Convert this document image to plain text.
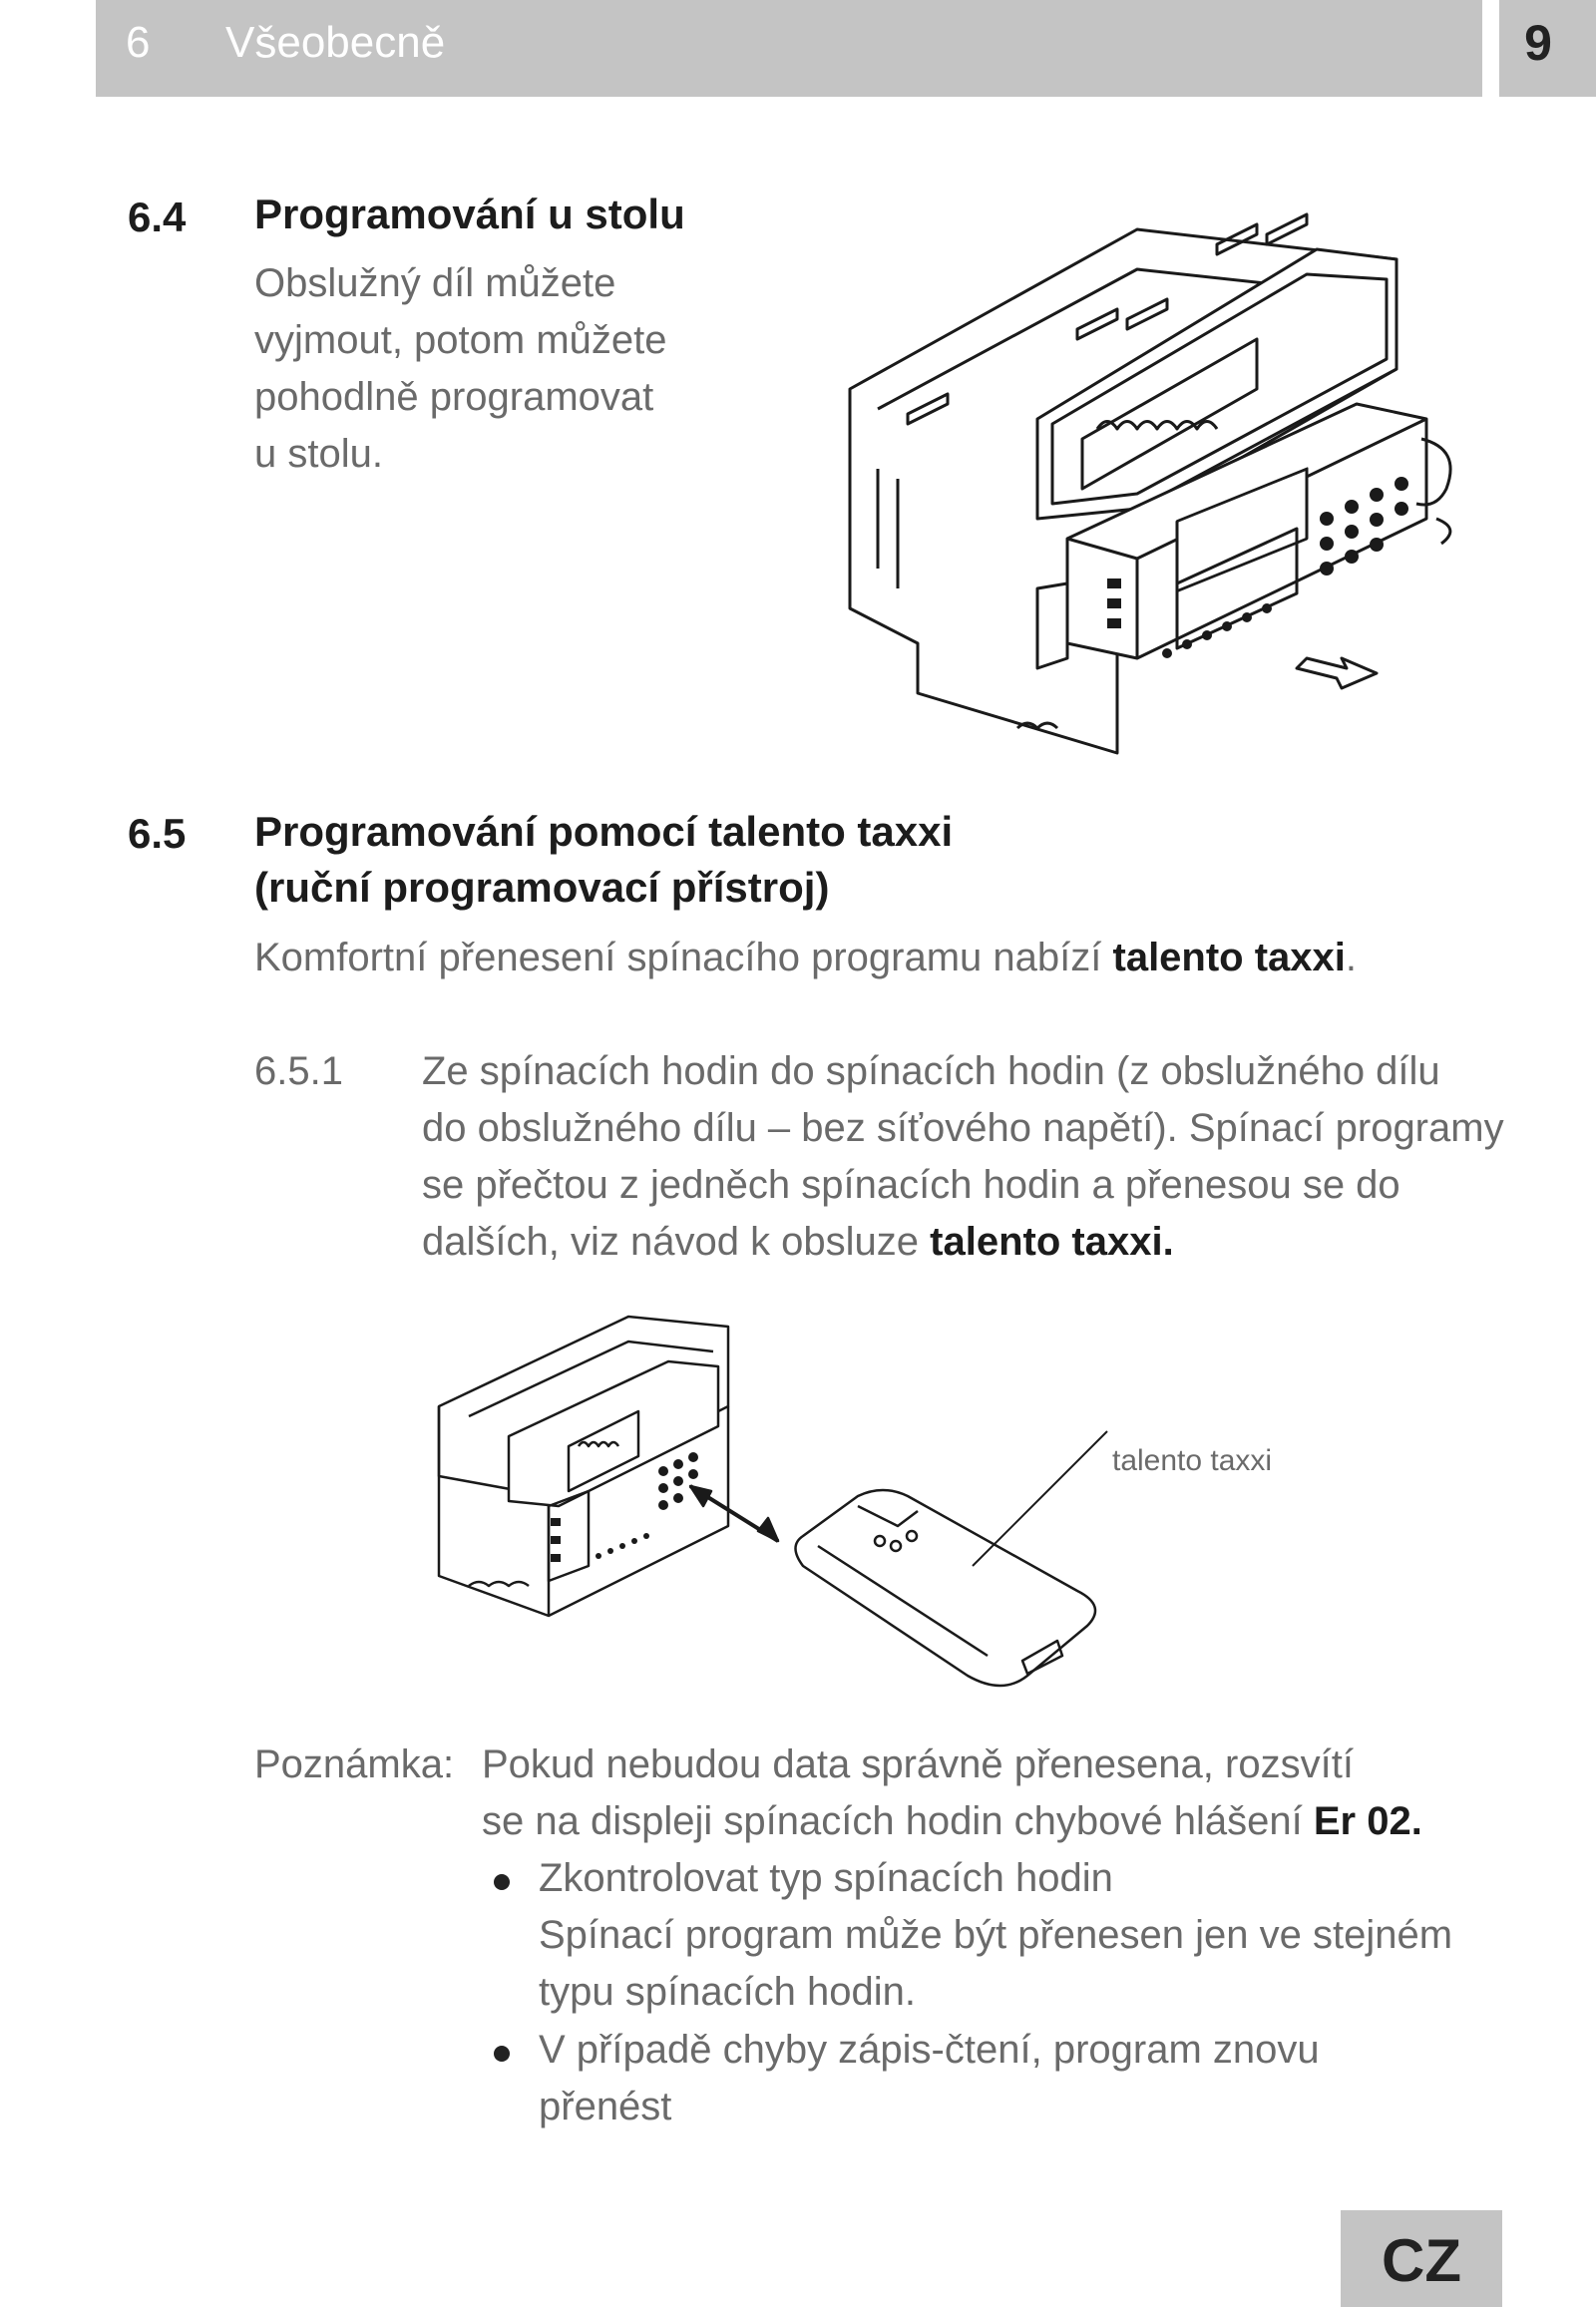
6 Všeobecně	9
6.4 Programování u stolu
Obslužný díl můžete
vyjmout, potom můžete
pohodlně programovat
u stolu.
6.5 Programování pomocí talento taxxi
(ruční programovací přístroj)
Komfortní přenesení spínacího programu nabízí talento taxxi.
6.5.1 Ze spínacích hodin do spínacích hodin (z obslužného dílu
do obslužného dílu – bez síťového napětí). Spínací programy
se přečtou z jedněch spínacích hodin a přenesou se do
dalších, viz návod k obsluze talento taxxi.
talento taxxi
Poznámka: Pokud nebudou data správně přenesena, rozsvítí
se na displeji spínacích hodin chybové hlášení Er 02.
Zkontrolovat typ spínacích hodin
Spínací program může být přenesen jen ve stejném
typu spínacích hodin.
V případě chyby zápis-čtení, program znovu
přenést
CZ
